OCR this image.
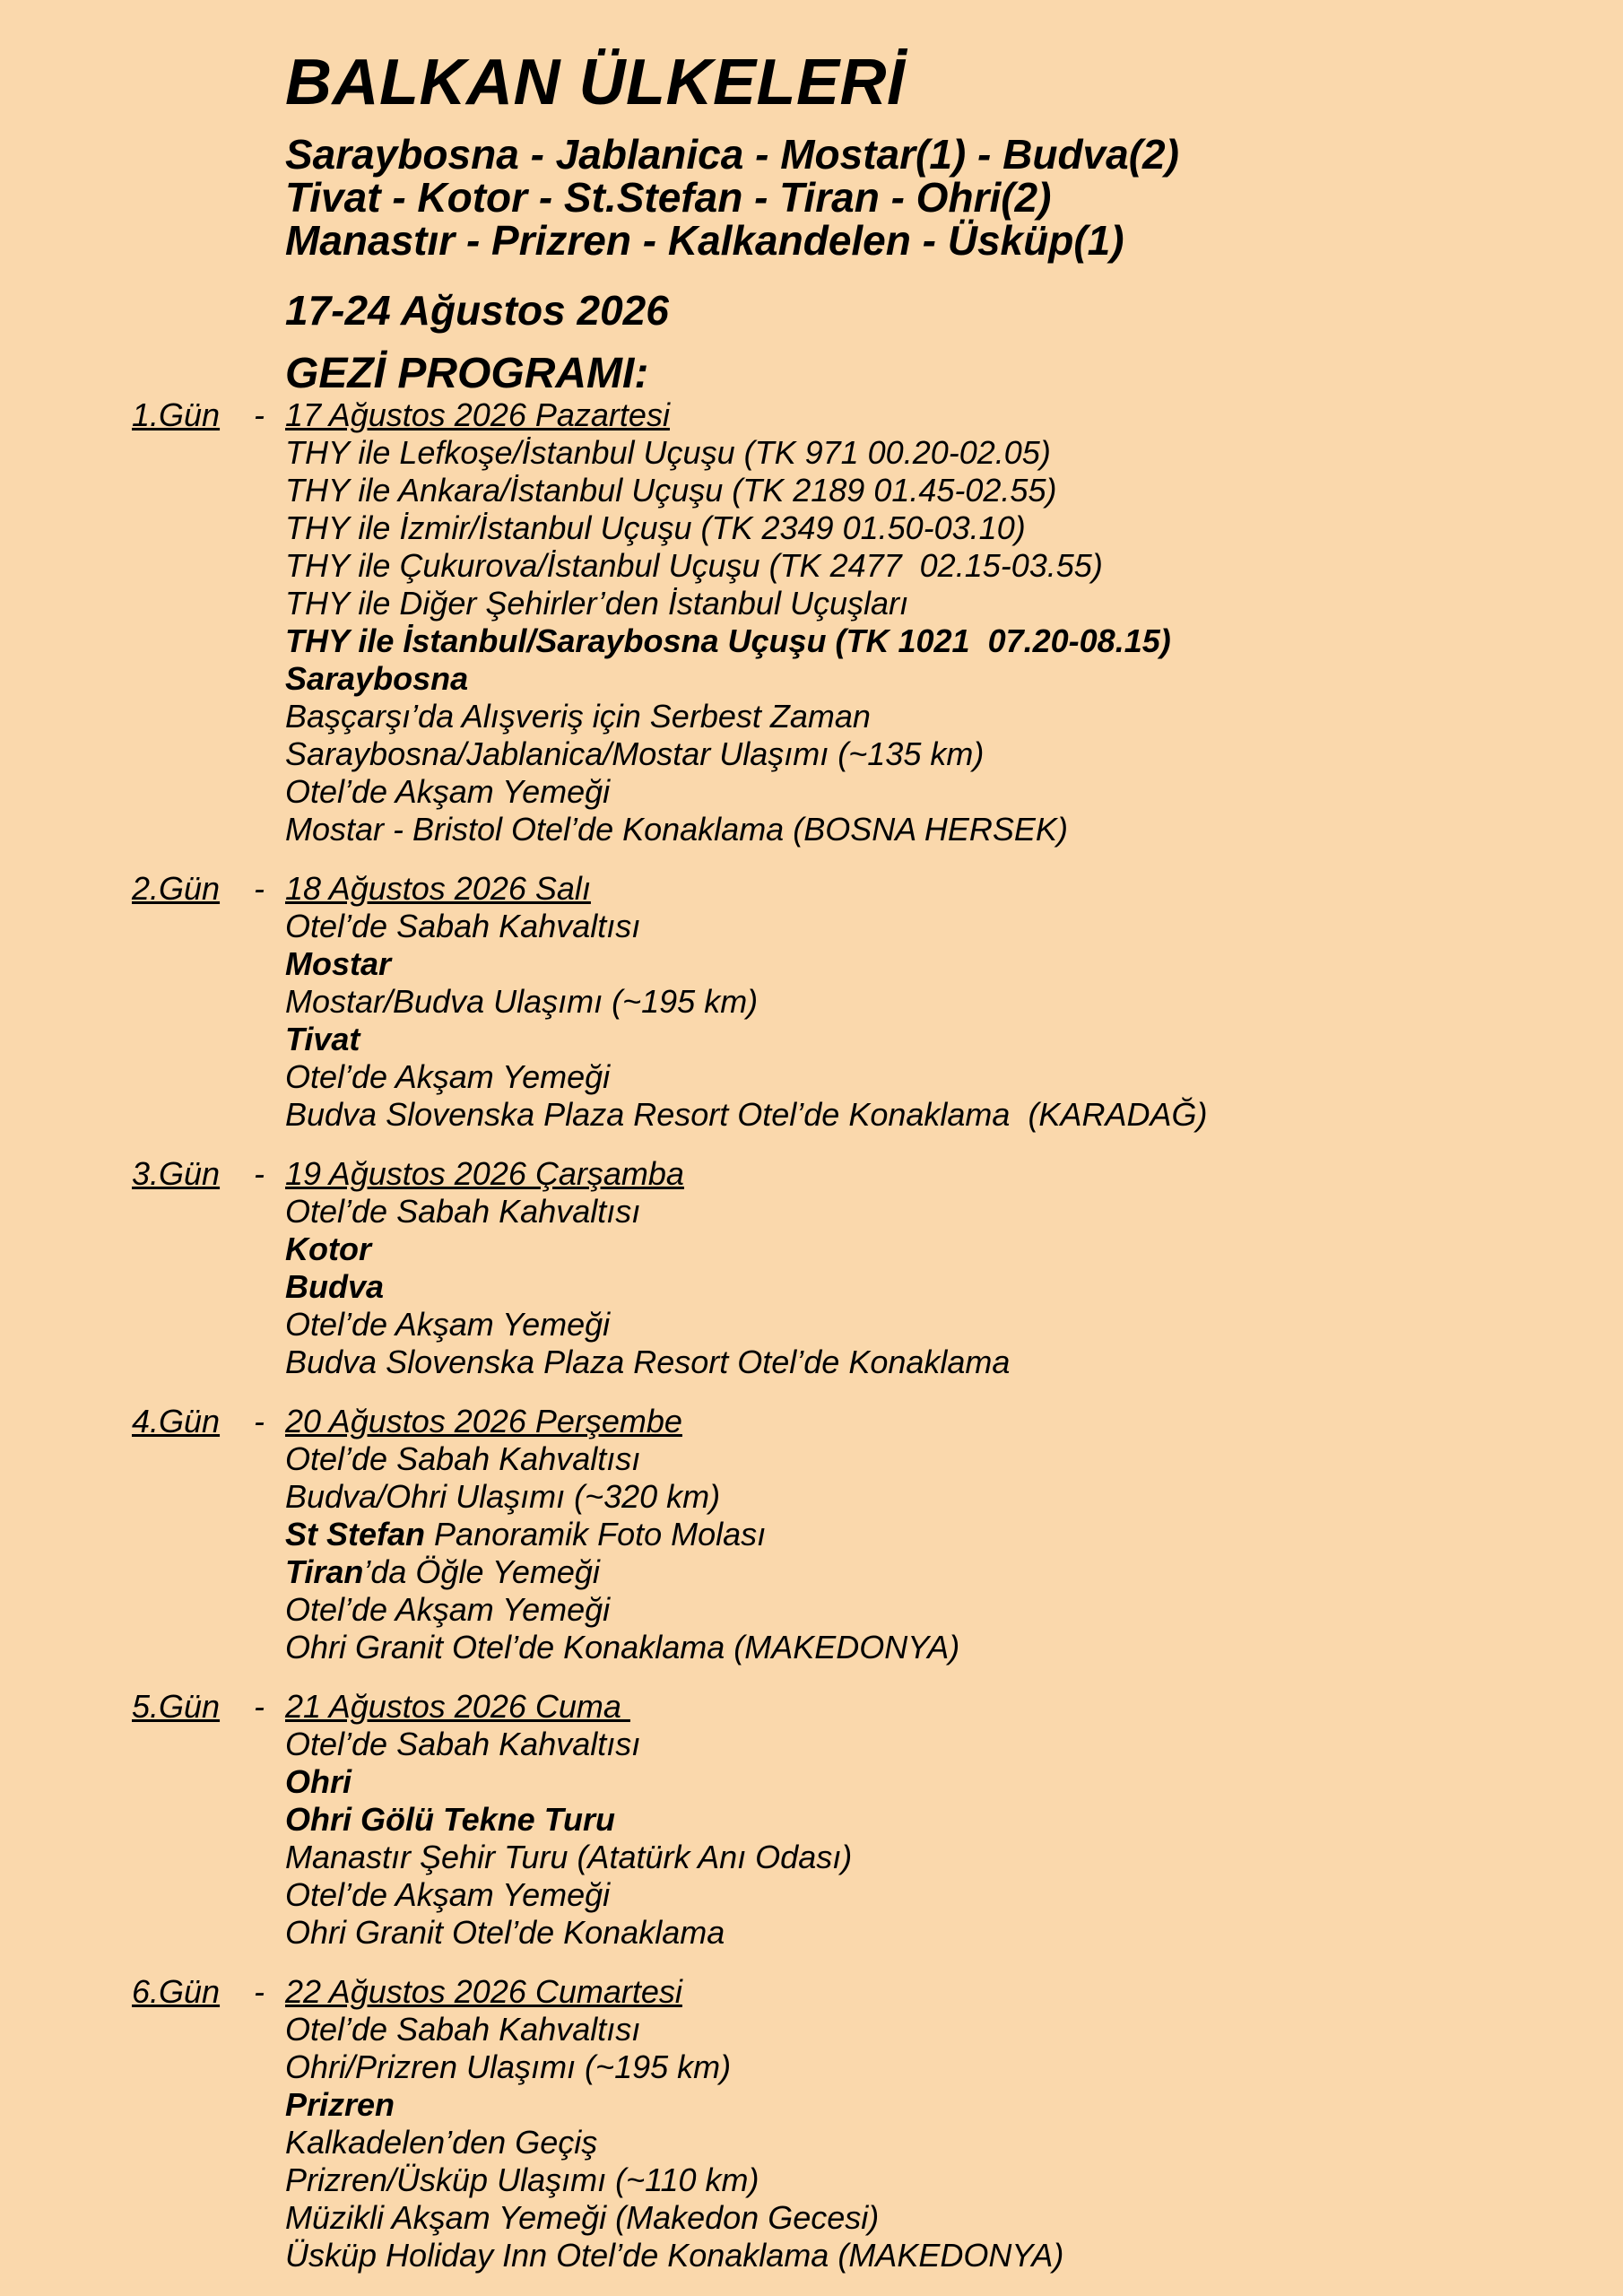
BALKAN ÜLKELERİ
Saraybosna - Jablanica - Mostar(1) - Budva(2)
Tivat - Kotor - St.Stefan - Tiran - Ohri(2)
Manastır - Prizren - Kalkandelen - Üsküp(1)
17-24 Ağustos 2026
GEZİ PROGRAMI:
1.Gün	- 17 Ağustos 2026 Pazartesi
THY ile Lefkoşe/İstanbul Uçuşu (TK 971 00.20-02.05)
THY ile Ankara/İstanbul Uçuşu (TK 2189 01.45-02.55)
THY ile İzmir/İstanbul Uçuşu (TK 2349 01.50-03.10)
THY ile Çukurova/İstanbul Uçuşu (TK 2477  02.15-03.55)
THY ile Diğer Şehirler’den İstanbul Uçuşları
THY ile İstanbul/Saraybosna Uçuşu (TK 1021  07.20-08.15)
Saraybosna
Başçarşı’da Alışveriş için Serbest Zaman
Saraybosna/Jablanica/Mostar Ulaşımı (~135 km)
Otel’de Akşam Yemeği
Mostar - Bristol Otel’de Konaklama (BOSNA HERSEK)
2.Gün	- 18 Ağustos 2026 Salı
Otel’de Sabah Kahvaltısı
Mostar
Mostar/Budva Ulaşımı (~195 km)
Tivat
Otel’de Akşam Yemeği
Budva Slovenska Plaza Resort Otel’de Konaklama  (KARADAĞ)
3.Gün	- 19 Ağustos 2026 Çarşamba
Otel’de Sabah Kahvaltısı
Kotor
Budva
Otel’de Akşam Yemeği
Budva Slovenska Plaza Resort Otel’de Konaklama
4.Gün	- 20 Ağustos 2026 Perşembe
Otel’de Sabah Kahvaltısı
Budva/Ohri Ulaşımı (~320 km)
St Stefan Panoramik Foto Molası
Tiran’da Öğle Yemeği
Otel’de Akşam Yemeği
Ohri Granit Otel’de Konaklama (MAKEDONYA)
5.Gün	- 21 Ağustos 2026 Cuma
Otel’de Sabah Kahvaltısı
Ohri
Ohri Gölü Tekne Turu
Manastır Şehir Turu (Atatürk Anı Odası)
Otel’de Akşam Yemeği
Ohri Granit Otel’de Konaklama
6.Gün	- 22 Ağustos 2026 Cumartesi
Otel’de Sabah Kahvaltısı
Ohri/Prizren Ulaşımı (~195 km)
Prizren
Kalkadelen’den Geçiş
Prizren/Üsküp Ulaşımı (~110 km)
Müzikli Akşam Yemeği (Makedon Gecesi)
Üsküp Holiday Inn Otel’de Konaklama (MAKEDONYA)
